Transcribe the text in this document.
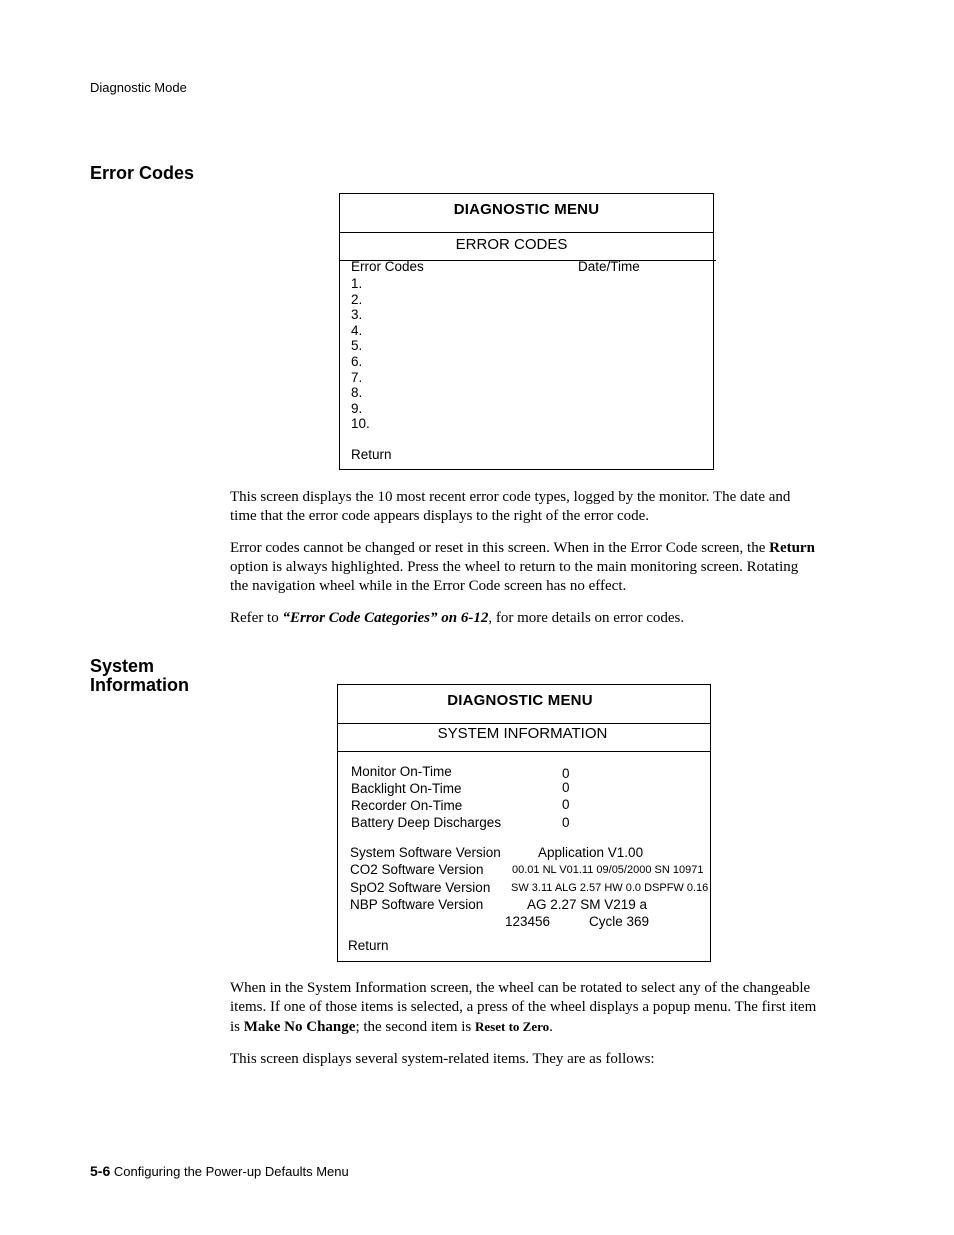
Diagnostic Mode
Error Codes
DIAGNOSTIC MENU
ERROR CODES
Error Codes	Date/Time
1.
2.
3.
4.
5.
6.
7.
8.
9.
10.
Return

This screen displays the 10 most recent error code types, logged by the monitor. The date and time that the error code appears displays to the right of the error code.

Error codes cannot be changed or reset in this screen. When in the Error Code screen, the Return option is always highlighted. Press the wheel to return to the main monitoring screen. Rotating the navigation wheel while in the Error Code screen has no effect.

Refer to “Error Code Categories” on 6-12, for more details on error codes.

System
Information
DIAGNOSTIC MENU
SYSTEM INFORMATION
Monitor On-Time	0
Backlight On-Time	0
Recorder On-Time	0
Battery Deep Discharges	0
System Software Version	Application V1.00
CO2 Software Version	00.01 NL V01.11 09/05/2000 SN 10971
SpO2 Software Version SW 3.11 ALG 2.57 HW 0.0 DSPFW 0.16
NBP Software Version	AG 2.27 SM V219 a
123456	Cycle 369
Return

When in the System Information screen, the wheel can be rotated to select any of the changeable items. If one of those items is selected, a press of the wheel displays a popup menu. The first item is Make No Change; the second item is Reset to Zero.

This screen displays several system-related items. They are as follows:

5-6 Configuring the Power-up Defaults Menu
